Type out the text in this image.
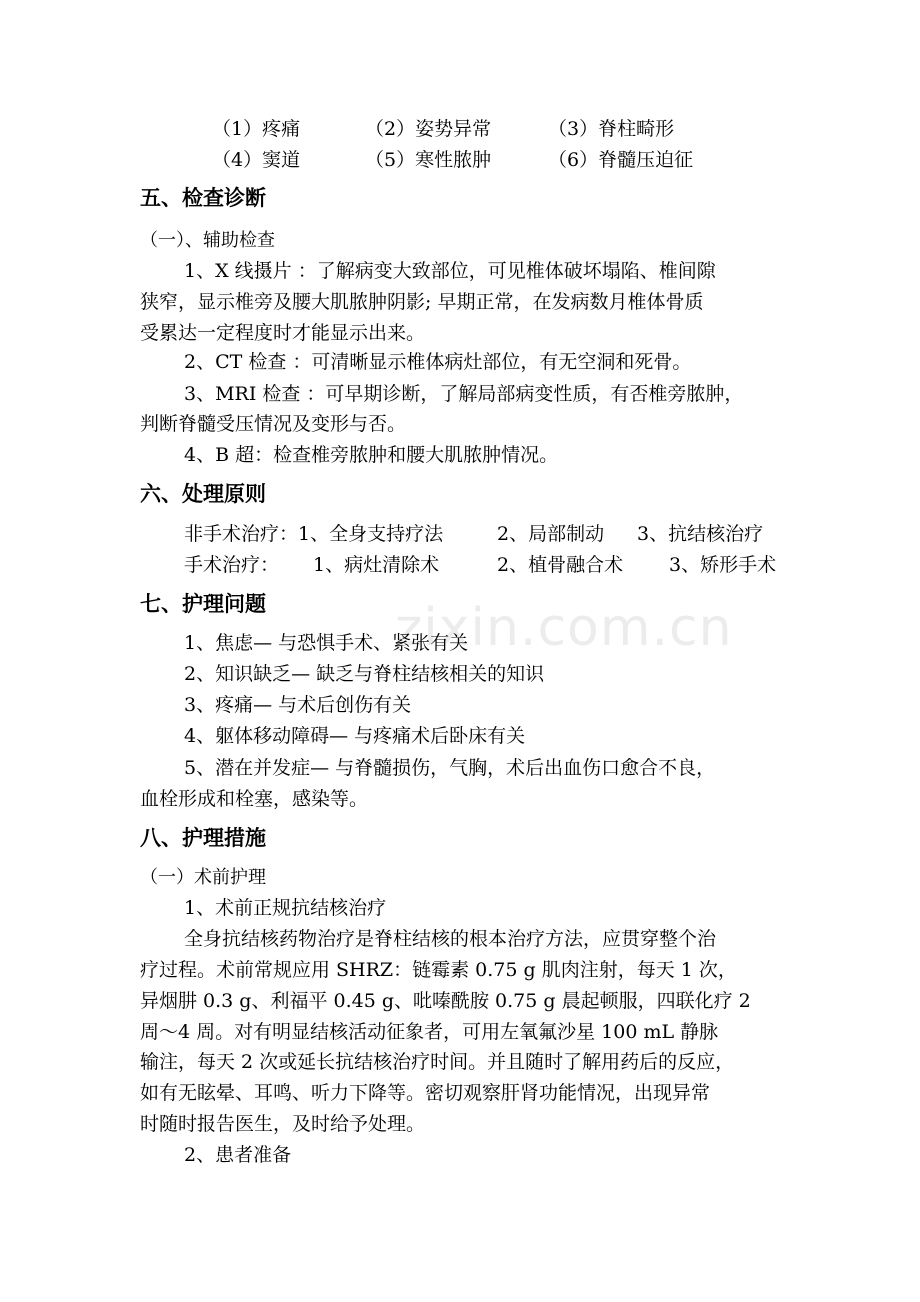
zixin.com.cn
（1）疼痛	（2）姿势异常	（3）脊柱畸形
（4）窦道	（5）寒性脓肿	（6）脊髓压迫征
五、检查诊断
（一）、辅助检查
1、X 线摄片 ：了解病变大致部位，可见椎体破坏塌陷、椎间隙
狭窄，显示椎旁及腰大肌脓肿阴影; 早期正常，在发病数月椎体骨质
受累达一定程度时才能显示出来。
2、CT 检查 ：可清晰显示椎体病灶部位，有无空洞和死骨。
3、MRI 检查 ：可早期诊断，了解局部病变性质，有否椎旁脓肿，
判断脊髓受压情况及变形与否。
4、B 超：检查椎旁脓肿和腰大肌脓肿情况。
六、处理原则
非手术治疗：1、全身支持疗法	2、局部制动 3、抗结核治疗
手术治疗： 1、病灶清除术	2、植骨融合术 3、矫形手术
七、护理问题
1、焦虑— 与恐惧手术、紧张有关
2、知识缺乏— 缺乏与脊柱结核相关的知识
3、疼痛— 与术后创伤有关
4、躯体移动障碍— 与疼痛术后卧床有关
5、潜在并发症— 与脊髓损伤，气胸，术后出血伤口愈合不良，
血栓形成和栓塞，感染等。
八、护理措施
（一）术前护理
1、术前正规抗结核治疗
全身抗结核药物治疗是脊柱结核的根本治疗方法，应贯穿整个治
疗过程。术前常规应用 SHRZ：链霉素 0.75 g 肌肉注射，每天 1 次，
异烟肼 0.3 g、利福平 0.45 g、吡嗪酰胺 0.75 g 晨起顿服，四联化疗 2
周～4 周。对有明显结核活动征象者，可用左氧氟沙星 100 mL 静脉
输注，每天 2 次或延长抗结核治疗时间。并且随时了解用药后的反应，
如有无眩晕、耳鸣、听力下降等。密切观察肝肾功能情况，出现异常
时随时报告医生，及时给予处理。
2、患者准备
